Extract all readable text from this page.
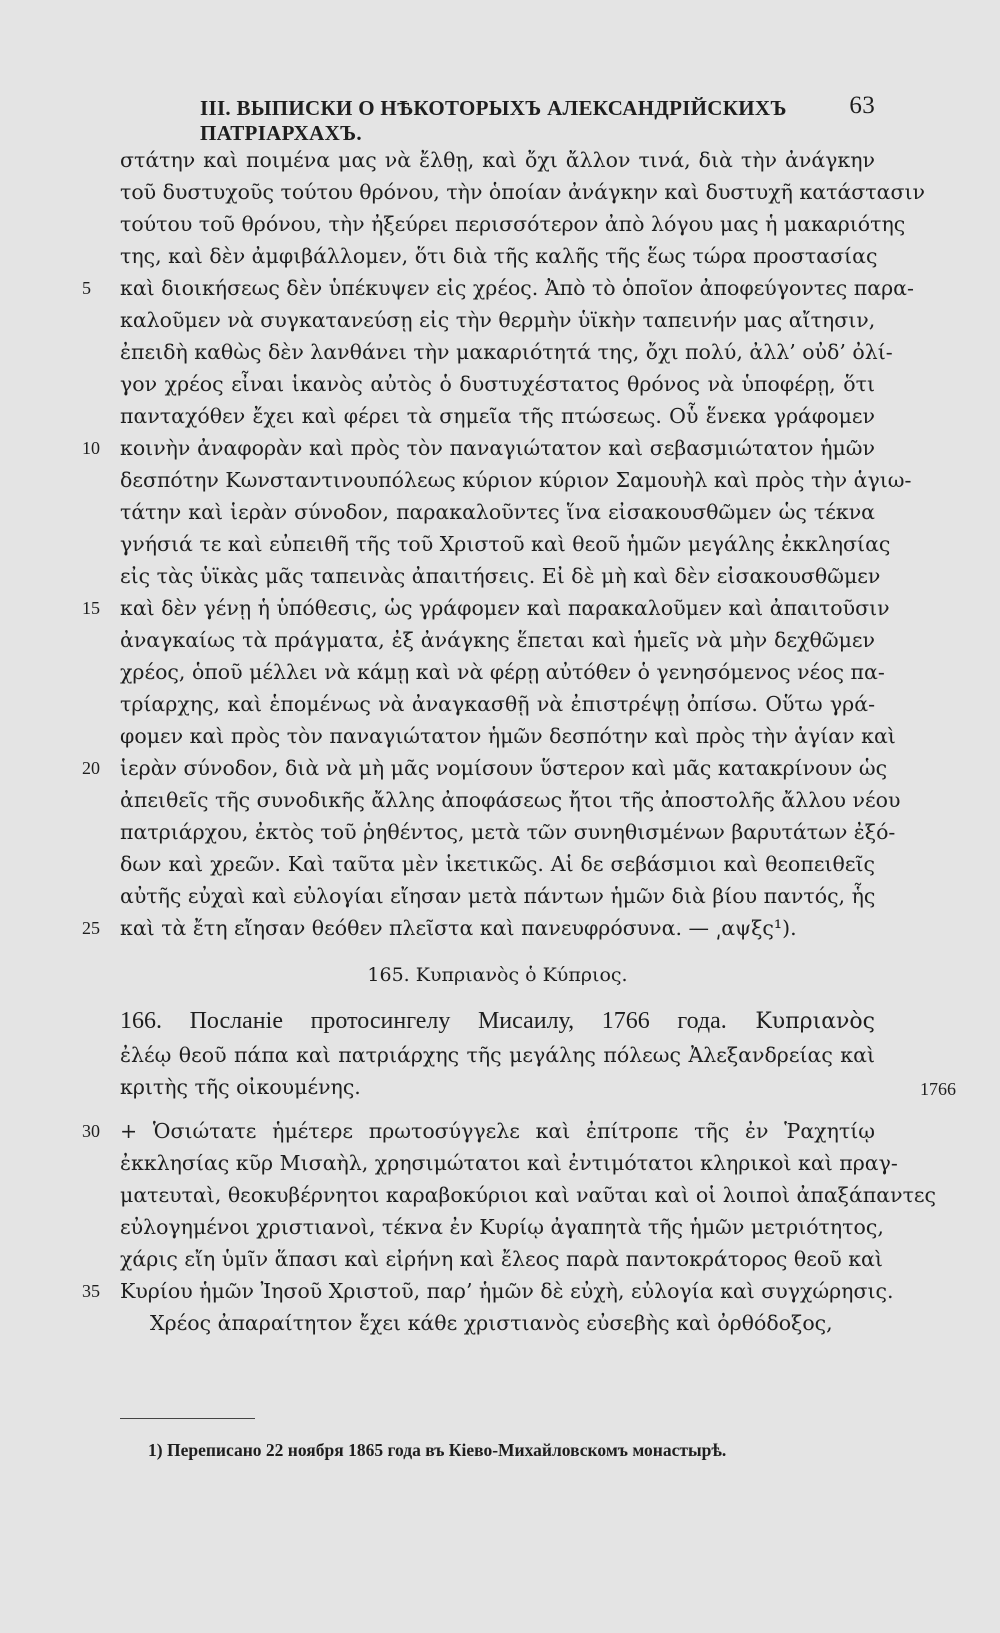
III. ВЫПИСКИ О НѢКОТОРЫХЪ АЛЕКСАНДРІЙСКИХЪ ПАТРІАРХАХЪ.
63
στάτην καὶ ποιμένα μας νὰ ἔλθῃ, καὶ ὄχι ἄλλον τινά, διὰ τὴν ἀνάγκην
τοῦ δυστυχοῦς τούτου θρόνου, τὴν ὁποίαν ἀνάγκην καὶ δυστυχῆ κατάστασιν
τούτου τοῦ θρόνου, τὴν ἠξεύρει περισσότερον ἀπὸ λόγου μας ἡ μακαριότης
της, καὶ δὲν ἀμφιβάλλομεν, ὅτι διὰ τῆς καλῆς τῆς ἕως τώρα προστασίας
καὶ διοικήσεως δὲν ὑπέκυψεν εἰς χρέος. Ἀπὸ τὸ ὁποῖον ἀποφεύγοντες παρα-
καλοῦμεν νὰ συγκατανεύσῃ εἰς τὴν θερμὴν ὑϊκὴν ταπεινήν μας αἴτησιν,
ἐπειδὴ καθὼς δὲν λανθάνει τὴν μακαριότητά της, ὄχι πολύ, ἀλλ’ οὐδ’ ὀλί-
γον χρέος εἶναι ἱκανὸς αὐτὸς ὁ δυστυχέστατος θρόνος νὰ ὑποφέρῃ, ὅτι
πανταχόθεν ἔχει καὶ φέρει τὰ σημεῖα τῆς πτώσεως. Οὗ ἕνεκα γράφομεν
κοινὴν ἀναφορὰν καὶ πρὸς τὸν παναγιώτατον καὶ σεβασμιώτατον ἡμῶν
δεσπότην Κωνσταντινουπόλεως κύριον κύριον Σαμουὴλ καὶ πρὸς τὴν ἁγιω-
τάτην καὶ ἱερὰν σύνοδον, παρακαλοῦντες ἵνα εἰσακουσθῶμεν ὡς τέκνα
γνήσιά τε καὶ εὐπειθῆ τῆς τοῦ Χριστοῦ καὶ θεοῦ ἡμῶν μεγάλης ἐκκλησίας
εἰς τὰς ὑϊκὰς μᾶς ταπεινὰς ἀπαιτήσεις. Εἰ δὲ μὴ καὶ δὲν εἰσακουσθῶμεν
καὶ δὲν γένῃ ἡ ὑπόθεσις, ὡς γράφομεν καὶ παρακαλοῦμεν καὶ ἀπαιτοῦσιν
ἀναγκαίως τὰ πράγματα, ἐξ ἀνάγκης ἕπεται καὶ ἡμεῖς νὰ μὴν δεχθῶμεν
χρέος, ὁποῦ μέλλει νὰ κάμῃ καὶ νὰ φέρῃ αὐτόθεν ὁ γενησόμενος νέος πα-
τρίαρχης, καὶ ἑπομένως νὰ ἀναγκασθῇ νὰ ἐπιστρέψῃ ὀπίσω. Οὕτω γρά-
φομεν καὶ πρὸς τὸν παναγιώτατον ἡμῶν δεσπότην καὶ πρὸς τὴν ἁγίαν καὶ
ἱερὰν σύνοδον, διὰ νὰ μὴ μᾶς νομίσουν ὕστερον καὶ μᾶς κατακρίνουν ὡς
ἀπειθεῖς τῆς συνοδικῆς ἄλλης ἀποφάσεως ἤτοι τῆς ἀποστολῆς ἄλλου νέου
πατριάρχου, ἐκτὸς τοῦ ῥηθέντος, μετὰ τῶν συνηθισμένων βαρυτάτων ἐξό-
δων καὶ χρεῶν. Καὶ ταῦτα μὲν ἱκετικῶς. Αἱ δε σεβάσμιοι καὶ θεοπειθεῖς
αὐτῆς εὐχαὶ καὶ εὐλογίαι εἴησαν μετὰ πάντων ἡμῶν διὰ βίου παντός, ἧς
καὶ τὰ ἔτη εἴησαν θεόθεν πλεῖστα καὶ πανευφρόσυνα. — ͵αψξς¹).
165. Κυπριανὸς ὁ Κύπριος.
166. Посланіе протосингелу Мисаилу, 1766 года. Κυπριανὸς
ἐλέῳ θεοῦ πάπα καὶ πατριάρχης τῆς μεγάλης πόλεως Ἀλεξανδρείας καὶ
κριτὴς τῆς οἰκουμένης.
+ Ὁσιώτατε ἡμέτερε πρωτοσύγγελε καὶ ἐπίτροπε τῆς ἐν Ῥαχητίῳ
ἐκκλησίας κῦρ Μισαὴλ, χρησιμώτατοι καὶ ἐντιμότατοι κληρικοὶ καὶ πραγ-
ματευταὶ, θεοκυβέρνητοι καραβοκύριοι καὶ ναῦται καὶ οἱ λοιποὶ ἀπαξάπαντες
εὐλογημένοι χριστιανοὶ, τέκνα ἐν Κυρίῳ ἀγαπητὰ τῆς ἡμῶν μετριότητος,
χάρις εἴη ὑμῖν ἅπασι καὶ εἰρήνη καὶ ἔλεος παρὰ παντοκράτορος θεοῦ καὶ
Κυρίου ἡμῶν Ἰησοῦ Χριστοῦ, παρ’ ἡμῶν δὲ εὐχὴ, εὐλογία καὶ συγχώρησις.
Χρέος ἀπαραίτητον ἔχει κάθε χριστιανὸς εὐσεβὴς καὶ ὀρθόδοξος,
5
10
15
20
25
30
35
1766
1) Переписано 22 ноября 1865 года въ Кіево-Михайловскомъ монастырѣ.
